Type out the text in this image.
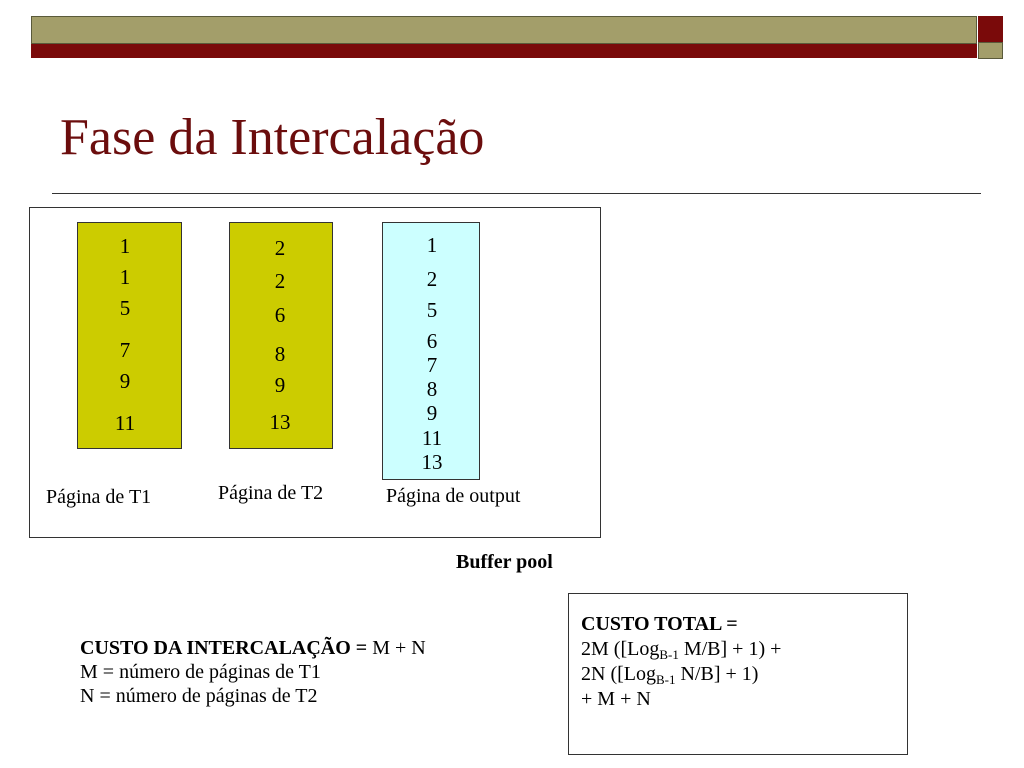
Fase da Intercalação
1
1
5
7
9
11
2
2
6
8
9
13
1
2
5
6
7
8
9
11
13
Página de T1	Página de T2	Página de output
Buffer pool
CUSTO DA INTERCALAÇÃO = M + N
M = número de páginas de T1
N = número de páginas de T2
CUSTO TOTAL =
2M ([Log$_{B-1}$ M/B] + 1) +
2N ([Log$_{B-1}$ N/B] + 1)
+ M + N
